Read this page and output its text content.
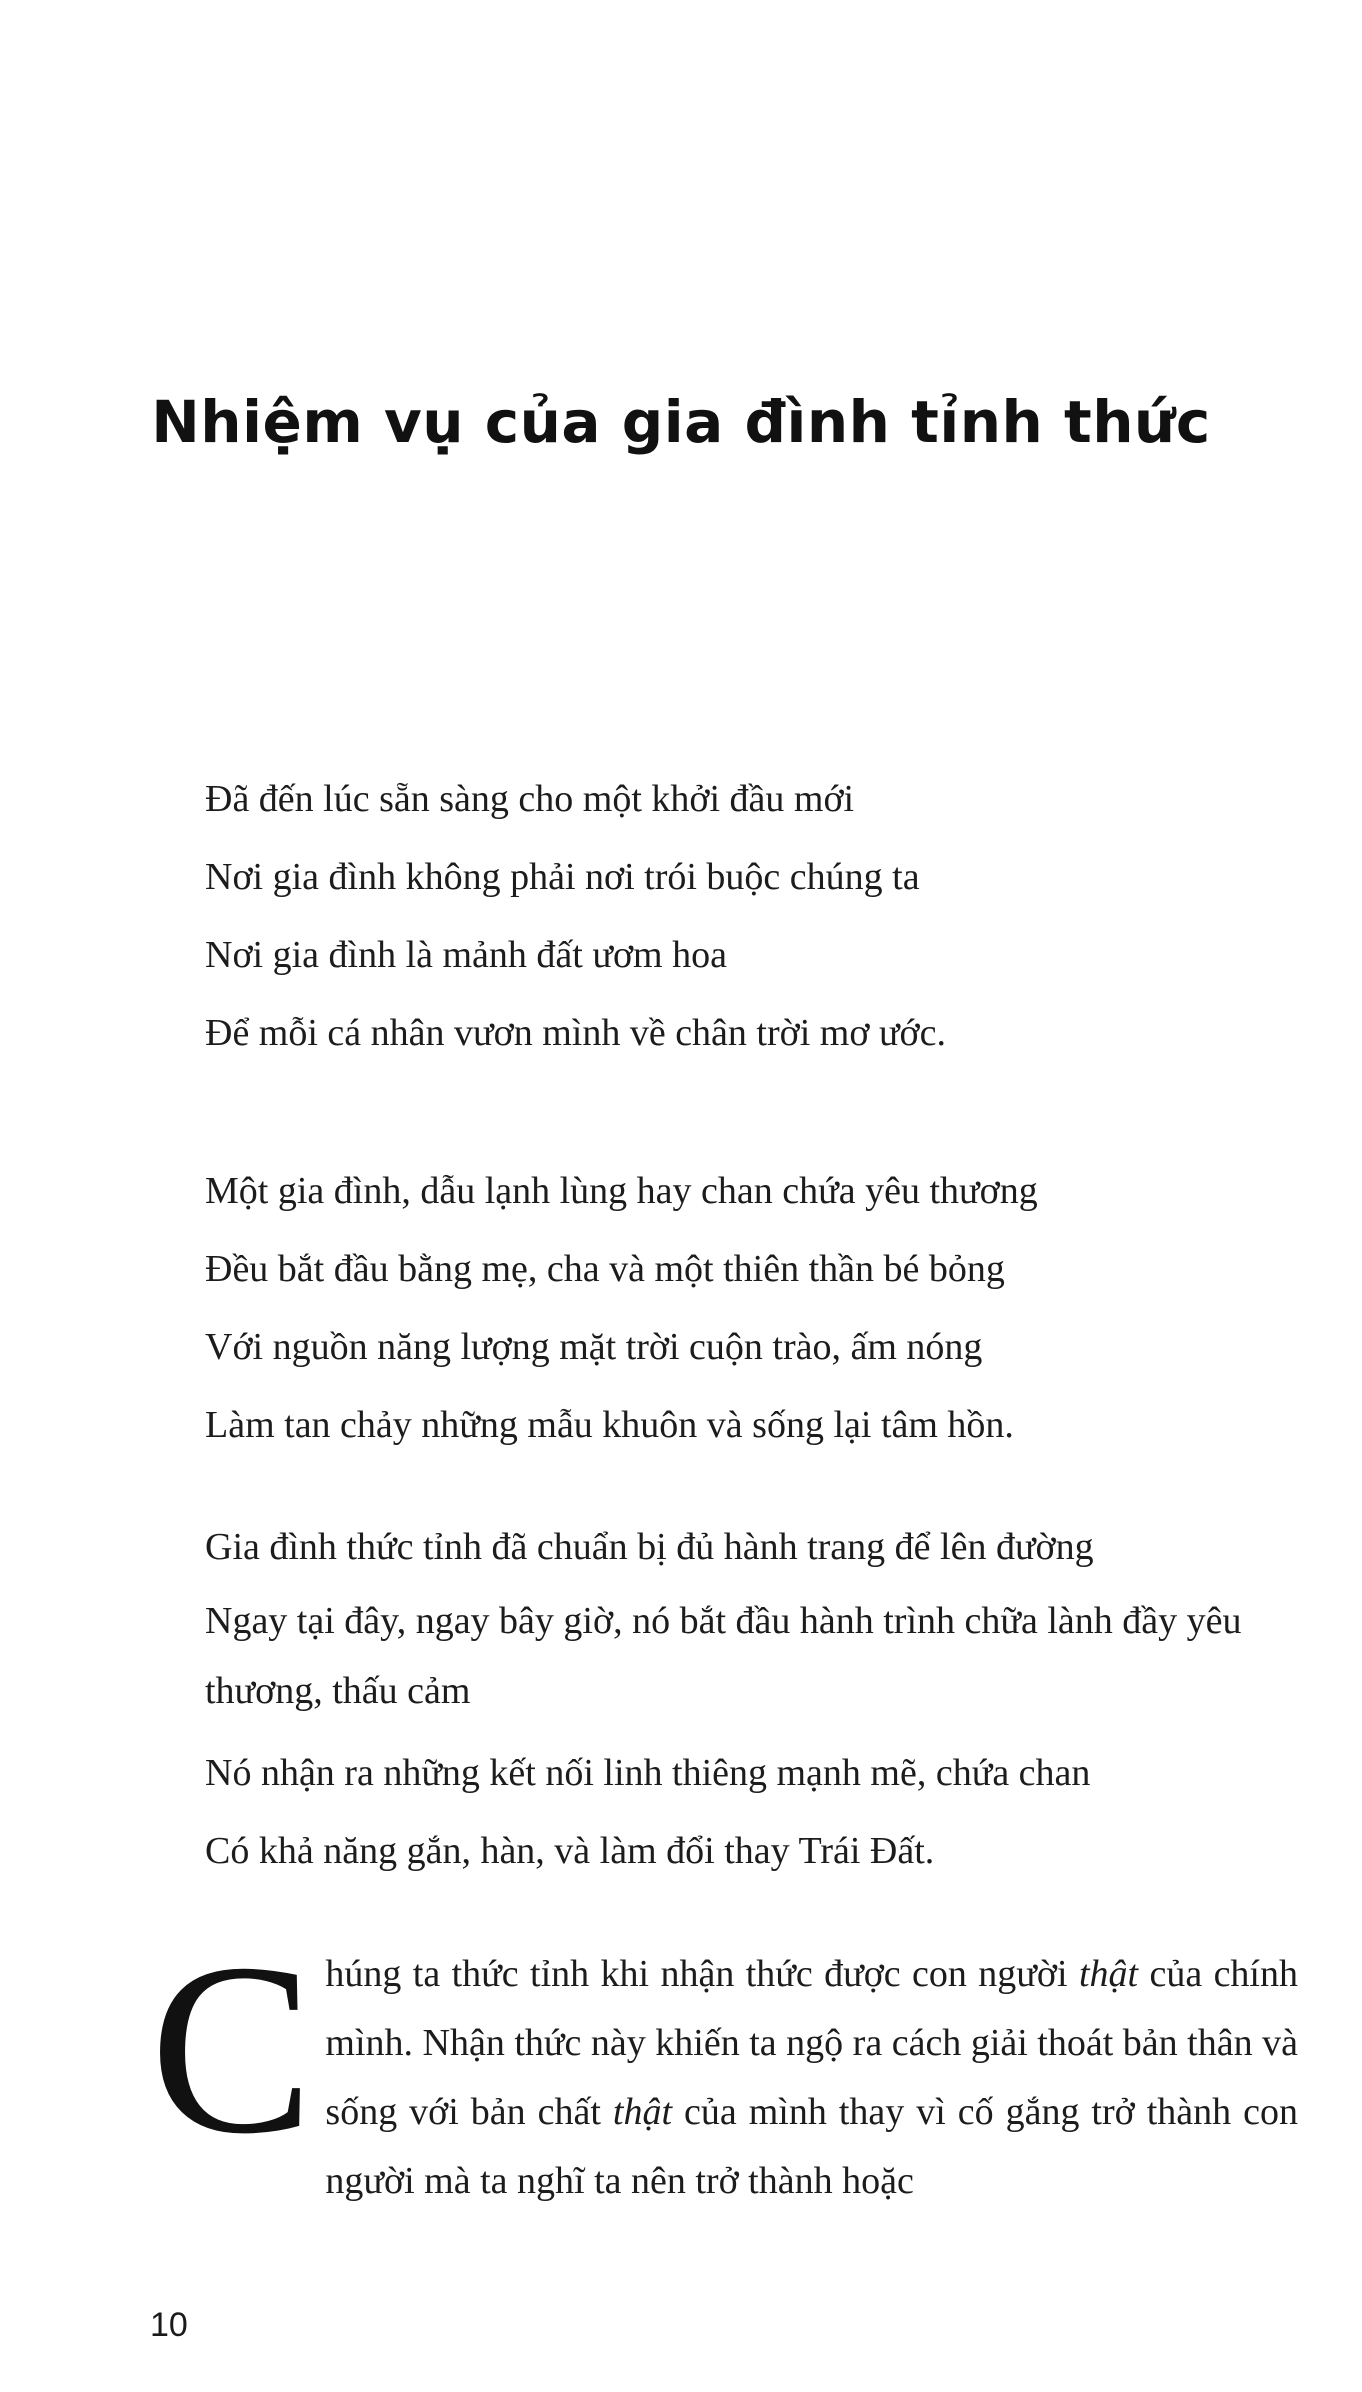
Nhiệm vụ của gia đình tỉnh thức
Đã đến lúc sẵn sàng cho một khởi đầu mới
Nơi gia đình không phải nơi trói buộc chúng ta
Nơi gia đình là mảnh đất ươm hoa
Để mỗi cá nhân vươn mình về chân trời mơ ước.
Một gia đình, dẫu lạnh lùng hay chan chứa yêu thương
Đều bắt đầu bằng mẹ, cha và một thiên thần bé bỏng
Với nguồn năng lượng mặt trời cuộn trào, ấm nóng
Làm tan chảy những mẫu khuôn và sống lại tâm hồn.
Gia đình thức tỉnh đã chuẩn bị đủ hành trang để lên đường
Ngay tại đây, ngay bây giờ, nó bắt đầu hành trình chữa lành đầy yêu thương, thấu cảm
Nó nhận ra những kết nối linh thiêng mạnh mẽ, chứa chan
Có khả năng gắn, hàn, và làm đổi thay Trái Đất.
Chúng ta thức tỉnh khi nhận thức được con người thật của chính mình. Nhận thức này khiến ta ngộ ra cách giải thoát bản thân và sống với bản chất thật của mình thay vì cố gắng trở thành con người mà ta nghĩ ta nên trở thành hoặc
10
